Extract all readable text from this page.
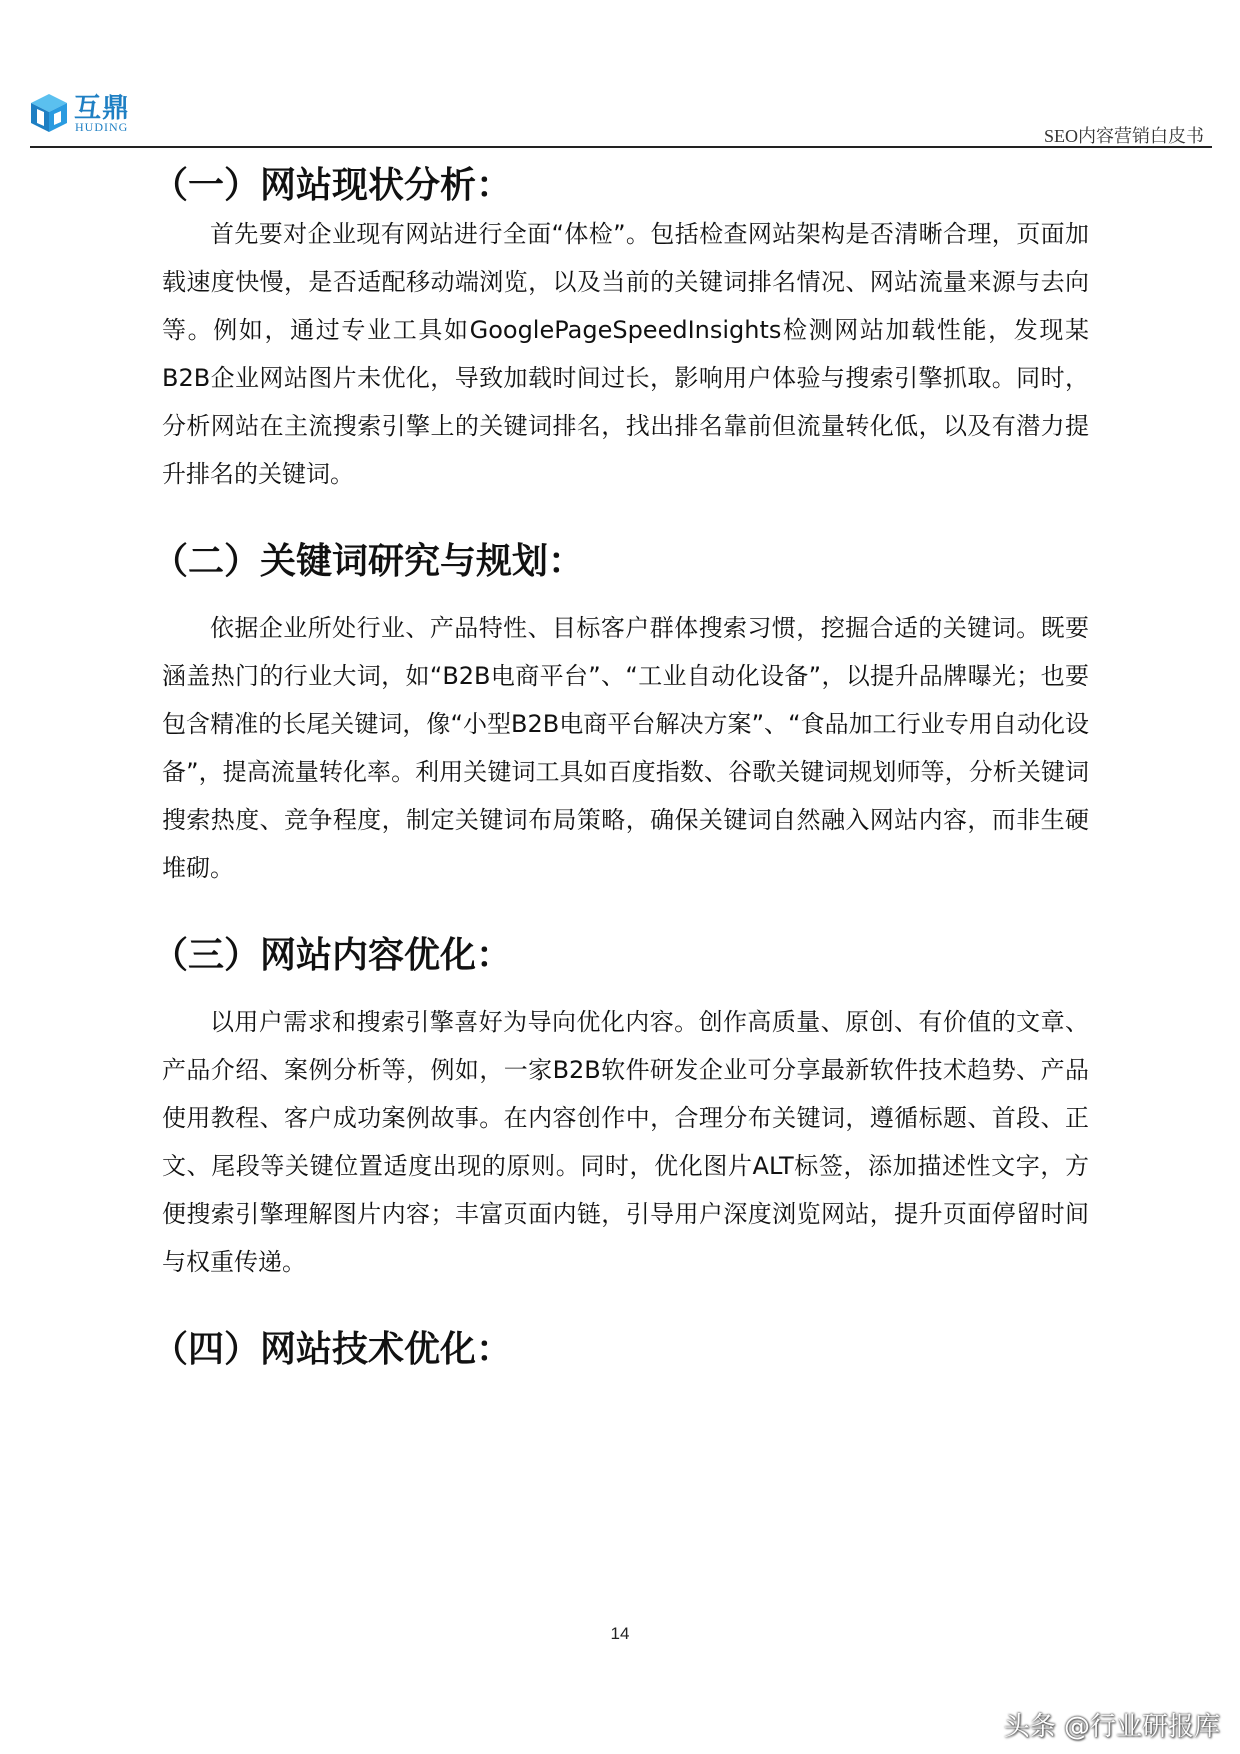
互鼎
HUDING	SEO内容营销白皮书
（一）网站现状分析：

首先要对企业现有网站进行全面“体检”。包括检查网站架构是否清晰合理，页面加载速度快慢，是否适配移动端浏览，以及当前的关键词排名情况、网站流量来源与去向等。例如，通过专业工具如GooglePageSpeedInsights检测网站加载性能，发现某B2B企业网站图片未优化，导致加载时间过长，影响用户体验与搜索引擎抓取。同时，分析网站在主流搜索引擎上的关键词排名，找出排名靠前但流量转化低，以及有潜力提升排名的关键词。

（二）关键词研究与规划：

依据企业所处行业、产品特性、目标客户群体搜索习惯，挖掘合适的关键词。既要涵盖热门的行业大词，如“B2B电商平台”、“工业自动化设备”，以提升品牌曝光；也要包含精准的长尾关键词，像“小型B2B电商平台解决方案”、“食品加工行业专用自动化设备”，提高流量转化率。利用关键词工具如百度指数、谷歌关键词规划师等，分析关键词搜索热度、竞争程度，制定关键词布局策略，确保关键词自然融入网站内容，而非生硬堆砌。

（三）网站内容优化：

以用户需求和搜索引擎喜好为导向优化内容。创作高质量、原创、有价值的文章、产品介绍、案例分析等，例如，一家B2B软件研发企业可分享最新软件技术趋势、产品使用教程、客户成功案例故事。在内容创作中，合理分布关键词，遵循标题、首段、正文、尾段等关键位置适度出现的原则。同时，优化图片ALT标签，添加描述性文字，方便搜索引擎理解图片内容；丰富页面内链，引导用户深度浏览网站，提升页面停留时间与权重传递。

（四）网站技术优化：
14
头条 @行业研报库
